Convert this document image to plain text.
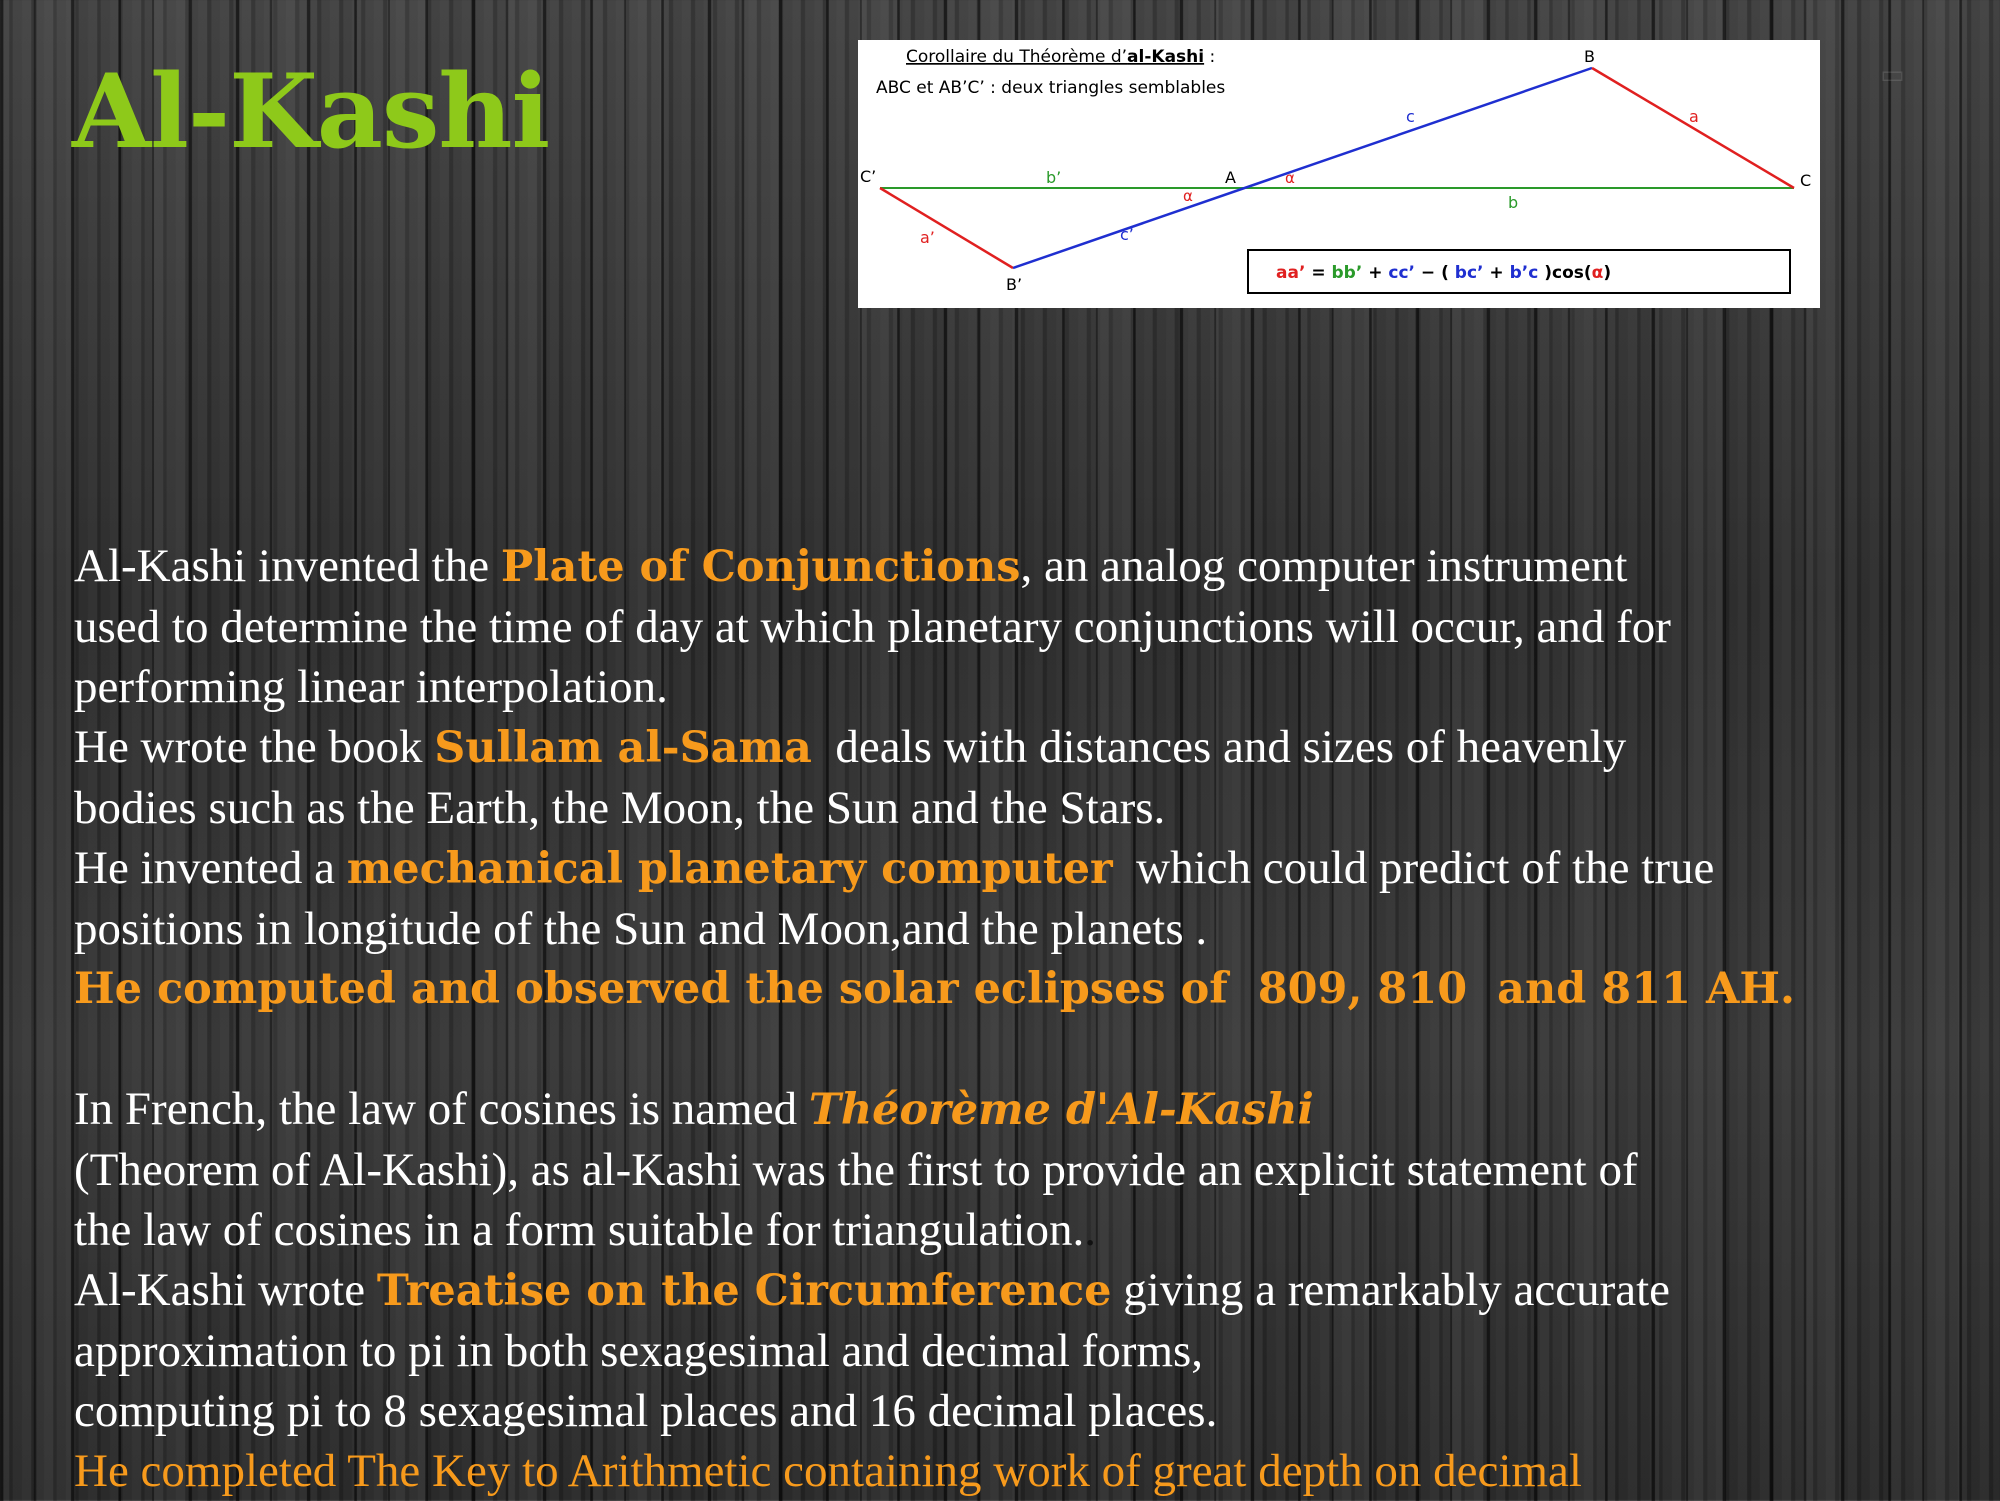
Al-Kashi	▭
Corollaire du Théorème d’al-Kashi :
ABC et AB’C’ : deux triangles semblables
C’
B’
A
B
C
b’
b
a’
a
c’
c
α
α
aa’ = bb’ + cc’ − ( bc’ + b’c )cos(α)
Al-Kashi invented the Plate of Conjunctions, an analog computer instrument
used to determine the time of day at which planetary conjunctions will occur, and for
performing linear interpolation.
He wrote the book Sullam al-Sama  deals with distances and sizes of heavenly
bodies such as the Earth, the Moon, the Sun and the Stars.
He invented a mechanical planetary computer  which could predict of the true
positions in longitude of the Sun and Moon,and the planets .
He computed and observed the solar eclipses of  809, 810  and 811 AH.
In French, the law of cosines is named Théorème d'Al-Kashi
(Theorem of Al-Kashi), as al-Kashi was the first to provide an explicit statement of
the law of cosines in a form suitable for triangulation..
Al-Kashi wrote Treatise on the Circumference giving a remarkably accurate
approximation to pi in both sexagesimal and decimal forms,
computing pi to 8 sexagesimal places and 16 decimal places.
He completed The Key to Arithmetic containing work of great depth on decimal
